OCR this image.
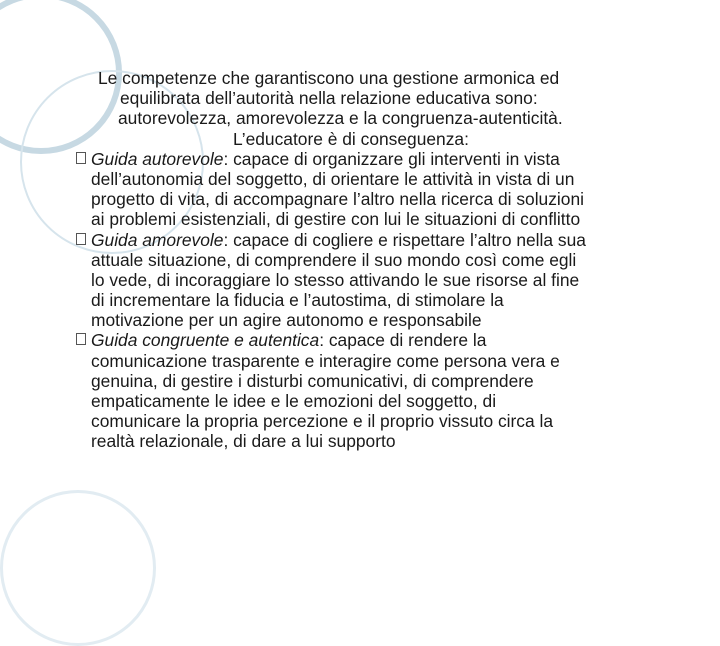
Le competenze che garantiscono una gestione armonica ed
equilibrata dell’autorità nella relazione educativa sono:
autorevolezza, amorevolezza e la congruenza-autenticità.
L’educatore è di conseguenza:
Guida autorevole: capace di organizzare gli interventi in vista
dell’autonomia del soggetto, di orientare le attività in vista di un
progetto di vita, di accompagnare l’altro nella ricerca di soluzioni
ai problemi esistenziali, di gestire con lui le situazioni di conflitto
Guida amorevole: capace di cogliere e rispettare l’altro nella sua
attuale situazione, di comprendere il suo mondo così come egli
lo vede, di incoraggiare lo stesso attivando le sue risorse al fine
di incrementare la fiducia e l’autostima, di stimolare la
motivazione per un agire autonomo e responsabile
Guida congruente e autentica: capace di rendere la
comunicazione trasparente e interagire come persona vera e
genuina, di gestire i disturbi comunicativi, di comprendere
empaticamente le idee e le emozioni del soggetto, di
comunicare la propria percezione e il proprio vissuto circa la
realtà relazionale, di dare a lui supporto
